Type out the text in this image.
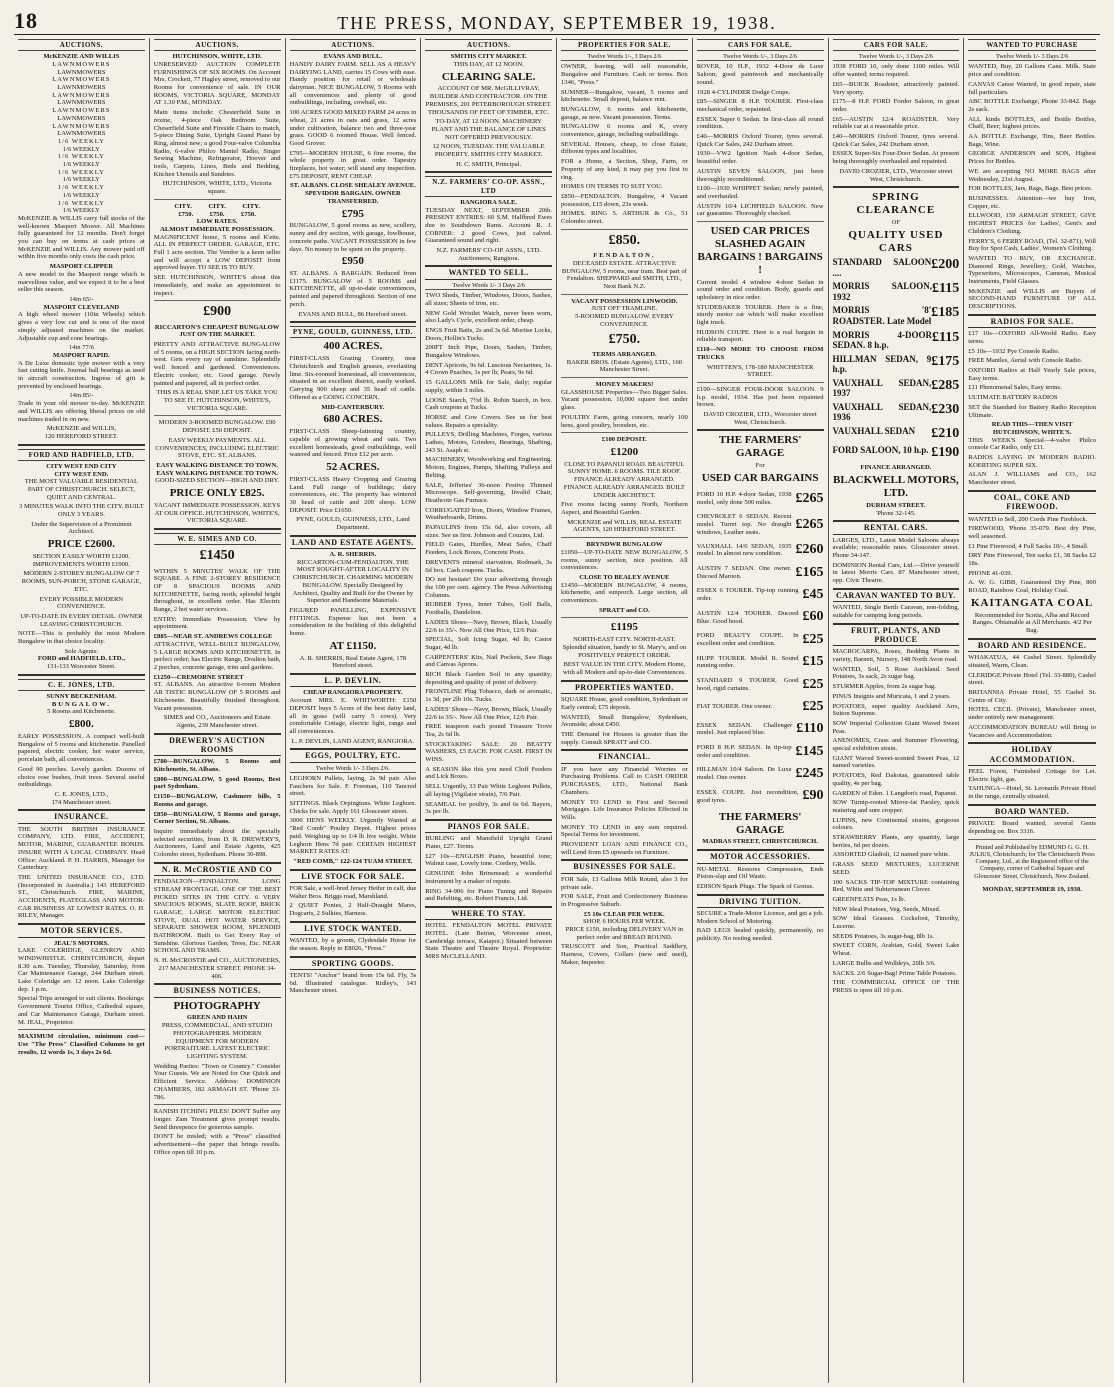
18	THE PRESS, MONDAY, SEPTEMBER 19, 1938.
AUCTIONS.
McKENZIE AND WILLIS
LAWNMOWERS
LAWNMOWERS
LAWNMOWERS
LAWNMOWERS
LAWNMOWERS
LAWNMOWERS
LAWNMOWERS
LAWNMOWERS
LAWNMOWERS
LAWNMOWERS
1/6 WEEKLY
1/6 WEEKLY
1/6 WEEKLY
1/6 WEEKLY
1/6 WEEKLY
1/6 WEEKLY
1/6 WEEKLY
1/6 WEEKLY
1/6 WEEKLY
1/6 WEEKLY

McKENZIE & WILLIS carry full stocks of the well-known Masport Mower. All Machines fully guaranteed for 12 months. Don't forget you can buy on terms at cash prices at McKENZIE and WILLIS. Any mower paid off within five months only costs the cash price.

MASPORT CLIPPER

A new model to the Masport range which is marvellous value, and we expect it to be a best seller this season.

14in 65/-
MASPORT CLEVELAND

A high wheel mower (10in Wheels) which gives a very low cut and is one of the most simply adjusted machines on the market. Adjustable cup and cone bearings.

14in 77/6
MASPORT RAPID.

A De Luxe domestic type mower with a very fast cutting knife. Journal ball bearings as used in aircraft construction. Ingress of grit is prevented by enclosed bearings.

14in 85/-

Trade in your old mower to-day. McKENZIE and WILLIS are offering liberal prices on old machines traded in on new.

McKENZIE and WILLIS,
120 HEREFORD STREET.
FORD AND HADFIELD, LTD.
CITY WEST END CITY
CITY WEST END.

THE MOST VALUABLE RESIDENTIAL PART OF CHRISTCHURCH. SELECT, QUIET AND CENTRAL.

3 MINUTES WALK INTO THE CITY. BUILT ONLY 3 YEARS.

Under the Supervision of a Prominent Architect.

PRICE £2600.

SECTION EASILY WORTH £1200. IMPROVEMENTS WORTH £1900.

MODERN 2-STOREY BUNGALOW OF 7 ROOMS, SUN-PORCH, STONE GARAGE, ETC.

EVERY POSSIBLE MODERN CONVENIENCE.

UP-TO-DATE IN EVERY DETAIL. OWNER LEAVING CHRISTCHURCH.

NOTE—This is probably the most Modern Bungalow in that choice locality.

Sole Agents:
FORD and HADFIELD, LTD.,
131-133 Worcester Street.
C. E. JONES, LTD.
SUNNY BECKENHAM.
BUNGALOW.
5 Rooms and Kitchenette.
£800.

EARLY POSSESSION. A compact well-built Bungalow of 5 rooms and kitchenette. Panelled papered, electric cooker, hot water service, porcelain bath, all conveniences.

Good 90 perches. Lovely garden. Dozens of choice rose bushes, fruit trees. Several useful outbuildings.

C. E. JONES, LTD.,
174 Manchester street.
INSURANCE.

THE SOUTH BRITISH INSURANCE COMPANY, LTD. FIRE, ACCIDENT, MOTOR, MARINE, GUARANTEE BONDS. INSURE WITH A LOCAL COMPANY. Head Office: Auckland. P. H. HARRIS, Manager for Canterbury.

THE UNITED INSURANCE CO., LTD. (Incorporated in Australia.) 143 HEREFORD ST., Christchurch. FIRE, MARINE, ACCIDENTS, PLATEGLASS AND MOTOR-CAR BUSINESS AT LOWEST RATES. O. H. RILEY, Manager.

MOTOR SERVICES.
JEAL'S MOTORS.

LAKE COLERIDGE, GLENROY AND WINDWHISTLE. CHRISTCHURCH, depart 8.30 a.m. Tuesday, Thursday, Saturday, from Car Maintenance Garage, 244 Durham street. Lake Coleridge arr. 12 noon. Lake Coleridge dep. 1 p.m.

Special Trips arranged to suit clients. Bookings: Government Tourist Office, Cathedral square, and Car Maintenance Garage, Durham street. M. JEAL, Proprietor.

MAXIMUM circulation, minimum cost—Use "The Press" Classified Columns to get results, 12 words 1s, 3 days 2s 6d.

AUCTIONS.
HUTCHINSON, WHITE, LTD.

UNRESERVED AUCTION COMPLETE FURNISHINGS OF SIX ROOMS. On Account Mrs. Crockett, 77 Hagley street, removed to our Rooms for convenience of sale. IN OUR ROOMS, VICTORIA SQUARE, MONDAY AT 1.30 P.M., MONDAY.

Main items include: Chesterfield Suite in rexine, 4-piece Oak Bedroom Suite, Cheserfield Suite and Fireside Chairs to match, 5-piece Dining Suite, Upright Grand Piano by Ring, almost new; a good Four-valve Columbia Radio, 6-valve Philco Mantel Radio, Singer Sewing Machine, Refrigerator, Hoover and tools, Carpets, Linos, Beds and Bedding, Kitchen Utensils and Sundries.

HUTCHINSON, WHITE, LTD., Victoria square.
CITY.          CITY.          CITY.
£750.          £750.          £750.
LOW RATES.
ALMOST IMMEDIATE POSSESSION.

MAGNIFICENT home, 5 rooms and K'ette. ALL IN PERFECT ORDER. GARAGE, ETC. Full 1 acre section. The Vendor is a keen seller and will accept a LOW DEPOSIT from approved buyer. TO SEE IS TO BUY.

SEE HUTCHINSON, WHITE'S about this immediately, and make an appointment to inspect.

£900

RICCARTON'S CHEAPEST BUNGALOW JUST ON THE MARKET.

PRETTY AND ATTRACTIVE BUNGALOW of 5 rooms, on a HIGH SECTION facing north-west. Gets every ray of sunshine. Splendidly well fenced and gardened. Conveniences. Electric cooker, etc. Good garage. Newly painted and papered, all in perfect order.

THIS IS A REAL SNIP. LET US TAKE YOU TO SEE IT. HUTCHINSON, WHITE'S, VICTORIA SQUARE.

MODERN 3-ROOMED BUNGALOW. £90 DEPOSIT. £50 DEPOSIT.

EASY WEEKLY PAYMENTS. ALL CONVENIENCES, INCLUDING ELECTRIC STOVE, ETC. ST. ALBANS.

EASY WALKING DISTANCE TO TOWN.
EASY WALKING DISTANCE TO TOWN.

GOOD-SIZED SECTION—HIGH AND DRY.

PRICE ONLY £825.

VACANT IMMEDIATE POSSESSION. KEYS AT OUR OFFICE. HUTCHINSON, WHITE'S, VICTORIA SQUARE.

W. E. SIMES AND CO.
£1450

WITHIN 5 MINUTES' WALK OF THE SQUARE. A FINE 2-STOREY RESIDENCE OF 8 SPACIOUS ROOMS AND KITCHENETTE, facing north, splendid bright throughout, in excellent order. Has Electric Range, 2 hot water services.

ENTRY: Immediate Possession. View by appointment.

£885—NEAR ST. ANDREWS COLLEGE

ATTRACTIVE, WELL-BUILT BUNGALOW, 5 LARGE ROOMS AND KITCHENETTE. In perfect order; has Electric Range, Doulton bath, 2 porches, concrete garage, trim and gardens.

£1250—CREMORNE STREET

ST. ALBANS. An attractive 6-room Modern AR TISTIC BUNGALOW OF 5 ROOMS and Kitchenette. Beautifully finished throughout. Vacant possession.

SIMES and CO., Auctioneers and Estate Agents, 239 Manchester street.
DREWERY'S AUCTION ROOMS

£780—BUNGALOW, 5 Rooms and Kitchenette, St. Albans.

£800—BUNGALOW, 5 good Rooms, Best part Sydenham.

£1150—BUNGALOW, Cashmere hills, 5 Rooms and garage.

£850—BUNGALOW, 5 Rooms and garage, Corner Section, St. Albans.

Inquire immediately about the specially selected securities, from D. R. DREWERY'S, Auctioneers, Land and Estate Agents, 425 Colombo street, Sydenham. Phone 30-898.

N. R. McCROSTIE AND CO

FENDALTON—FENDALTON. LONG STREAM FRONTAGE. ONE OF THE BEST PICKED SITES IN THE CITY. 6 VERY SPACIOUS ROOMS, SLATE ROOF, BRICK GARAGE, LARGE MOTOR ELECTRIC STOVE, DUAL HOT WATER SERVICE, SEPARATE SHOWER ROOM, SPLENDID BATHROOM. Built to Get Every Ray of Sunshine. Glorious Garden, Trees, Etc. NEAR SCHOOL AND TRAMS.

N. H. McCROSTIE and CO., AUCTIONEERS, 217 MANCHESTER STREET. PHONE 34-406.
BUSINESS NOTICES.
PHOTOGRAPHY
GREEN AND HAHN

PRESS, COMMERCIAL, AND STUDIO PHOTOGRAPHERS. MODERN EQUIPMENT FOR MODERN PORTRAITURE. LATEST ELECTRIC LIGHTING SYSTEM.

Wedding Parties: "Town or Country." Consider Your Guests. We are Noted for Our Quick and Efficient Service. Address: DOMINION CHAMBERS, 182 ARMAGH ST. 'Phone 33-786.

RANISH ITCHING PILES! DON'T Suffer any longer. Zam Treatment gives prompt results. Send threepence for generous sample.

DON'T be misled; with a "Press" classified advertisement—the paper that brings results. Office open till 10 p.m.

AUCTIONS.
EVANS AND BULL.

HANDY DAIRY FARM. SELL AS A HEAVY DAIRYING LAND, carries 15 Cows with ease. Handy position for retail or wholesale dairyman. NICE BUNGALOW, 5 Rooms with all conveniences and plenty of good outbuildings, including, cowbail, etc.

100 ACRES GOOD MIXED FARM 24 acres in wheat, 21 acres in oats and grass, 12 acres under cultivation, balance two and three-year grass. GOOD 6 roomed House. Well fenced. Good Grover.

£795—MODERN HOUSE, 6 fine rooms, the whole property in great order. Tapestry fireplaces, hot water; will stand any inspection. £75 DEPOSIT, RENT CHEAP.

ST. ALBANS. CLOSE SHEALEY AVENUE.
SPEVIDOR BARGAIN. OWNER TRANSFERRED.
£795

BUNGALOW, 5 good rooms as new, scullery, sunny and dry section, with garage, fowlhouse, concrete paths. VACANT POSSESSION in few days. No money to be spent on the property.

£950

ST. ALBANS. A BARGAIN. Reduced from £1175. BUNGALOW of 5 ROOMS and KITCHENETTE, all up-to-date conveniences, painted and papered throughout. Section of one perch.

EVANS AND BULL, 86 Hereford street.
PYNE, GOULD, GUINNESS, LTD.
400 ACRES.

FIRST-CLASS Grazing Country, near Christchurch and English grasses, everlasting lime. Six-roomed homestead, all conveniences, situated in an excellent district, easily worked. Carrying 900 sheep and 35 head of cattle. Offered as a GOING CONCERN.

MID-CANTERBURY.
680 ACRES.

FIRST-CLASS Sheep-fattening country, capable of growing wheat and oats. Two excellent homesteads, good outbuildings, well watered and fenced. Price £12 per acre.

52 ACRES.

FIRST-CLASS Heavy Cropping and Grazing Land. Full range of buildings; dairy conveniences, etc. The property has wintered 30 head of cattle and 200 sheep. LOW DEPOSIT. Price £1650.

PYNE, GOULD, GUINNESS, LTD., Land Department.
LAND AND ESTATE AGENTS.
A. R. SHERRIS.

RICCARTON-CUM-FENDALTON. THE MOST SOUGHT-AFTER LOCALITY IN CHRISTCHURCH. CHARMING MODERN BUNGALOW. Specially Designed by Architect, Quality and Built for the Owner by Superior and Handsome Materials.

FIGURED PANELLING, EXPENSIVE FITTINGS. Expense has not been a consideration in the building of this delightful home.

AT £1150.
A. R. SHERRIS, Real Estate Agent, 178 Hereford street.
L. P. DEVLIN.
CHEAP RANGIORA PROPERTY.

Account MRS. E. WHITWORTH: £150 DEPOSIT buys 5 Acres of the best dairy land, all in grass (will carry 5 cows). Very comfortable Cottage, electric light, range and all conveniences.

L. P. DEVLIN, LAND AGENT, RANGIORA.
EGGS, POULTRY, ETC.
Twelve Words 1/- 3 Days 2/6.

LEGHORN Pullets, laying, 2s 9d pair. Also Fauchers for Sale. F. Freeman, 110 Tancred street.

SITTINGS. Black Orpingtons. White Leghorn. Chicks for sale. Apply 161 Gloucester street.

3000 HENS WEEKLY. Urgently Wanted at "Red Comb" Poultry Depot. Highest prices paid. Weighing up to 1/4 lb live weight. White Leghorn Hens 7d pair. CERTAIN HIGHEST MARKET RATES AT:

"RED COMB," 122-124 TUAM STREET.
LIVE STOCK FOR SALE.

FOR Sale, a well-bred Jersey Heifer in calf, due Walter Bros. Briggs road, Marshland.

2 QUIET Ponies, 2 Half-Draught Mares, Dogcarts, 2 Sulkies, Harness.

LIVE STOCK WANTED.

WANTED, by a groom, Clydesdale Horse for the season. Reply to E8026, "Press."

SPORTING GOODS.

TENTS! "Anchor" brand from 15s 6d. Fly, 5s 6d. Illustrated catalogue. Ridley's, 143 Manchester street.

AUCTIONS.
SMITHS CITY MARKET.
THIS DAY, AT 12 NOON.
CLEARING SALE.

ACCOUNT OF MR. McGILLIVRAY, BUILDER AND CONTRACTOR. ON THE PREMISES, 201 PETERBOROUGH STREET. THOUSANDS OF FEET OF TIMBER, ETC.

TO-DAY, AT 12 NOON. MACHINERY PLANT AND THE BALANCE OF LINES NOT OFFERED PREVIOUSLY.

12 NOON, TUESDAY. THE VALUABLE PROPERTY. SMITHS CITY MARKET.

H. C. SMITH, Principal.
N.Z. FARMERS' CO-OP. ASSN., LTD
RANGIORA SALE.

TUESDAY NEXT, SEPTEMBER 20th. PRESENT ENTRIES: 60 S.M. Halfbred Ewes due to Southdown Rams. Account R. J. CORNER: 2 good Cows, just calved. Guaranteed sound and right.

N.Z. FARMERS' CO-OP. ASSN., LTD. Auctioneers, Rangiora.
WANTED TO SELL.
Twelve Words 1/- 3 Days 2/6

TWO Sheds, Timber, Windows, Doors, Sashes, all sizes; Sheets of iron, etc.

NEW Gold Wristlet Watch, never been worn, also Lady's Cycle, excellent order, cheap.

ENGS Fruit Baits, 2s and 3s 6d. Mortise Locks, Doors, Hollin's Tucks.

200FT Inch Pipe, Doors, Sashes, Timber, Bungalow Windows.

DENT Apricots, 9s 6d. Luscious Nectarines, 1s. 4 Crown Peaches, 1s per lb; Pears, 9s 6d.

15 GALLONS Milk for Sale, daily; regular supply, within 3 miles.

LOOSE Starch, 7½d lb. Robin Starch, in box. Cash coupons at Tucks.

HORSE and Cow Covers. See us for best values. Repairs a speciality.

PULLEYS, Drilling Machines, Forges, various Lathes, Motors, Grinders, Bearings, Shafting, 243 St. Asaph st.

MACHINERY, Woodworking and Engineering. Motors, Engines, Pumps, Shafting, Pulleys and Belting.

SALE, Jefferies' 36-noon Festive Thinned Microscope. Self-governing, Invalid Chair, Heathcote Gas Furnace.

CORRUGATED Iron, Doors, Window Frames, Weatherboards, Drums.

PAPAULINS from 15s 6d, also covers, all sizes. See us first. Johnson and Couzins, Ltd.

FIELD Gates, Hurdles, Meat Safes, Chaff Feeders, Lock Boxes, Concrete Posts.

DREVENTS mineral starvation. Rodmark, 3s 6d box. Cash coupons. Tucks.

DO not hesitate! Do your advertising through the 100 per cent. agency. The Press Advertising Columns.

RUBBER Tyres, Inner Tubes, Golf Balls, Footballs, Dandelion.

LADIES Shoes—Navy, Brown, Black, Usually 22/6 to 35/-. Now All One Price, 12/6 Pair.

SPECIAL, Soft Icing Sugar, 4d lb; Castor Sugar, 4d lb.

CARPENTERS' Kits, Nail Pockets, Saw Bags and Canvas Aprons.

RICH Black Garden Soil in any quantity; depositing and quality of point of delivery.

FRONTLINE Plug Tobacco, dark or aromatic, 1s 3d, per 2lb 10s. Tucks.

LADIES' Shoes—Navy, Brown, Black, Usually 22/6 to 35/-. Now All One Price, 12/6 Pair.

FREE teaspoon each pound Treasure Trove Tea, 2s 6d lb.

STOCKTAKING SALE: 20 BEATTY WASHERS, £5 EACH. FOR CASH. FIRST IN WINS.

A SEASON like this you need Cluff Feeders and Lick Boxes.

SELL Urgently, 33 Pair White Leghorn Pullets, all laying (Vigilator strain), 7/6 Pair.

SEAMEAL for poultry, 3s and 6s 6d. Bayers, 3s per lb.

PIANOS FOR SALE.

BURLING and Mansfield Upright Grand Piano, £27. Terms.

£27 10s—ENGLISH Piano, beautiful tone; Walnut case, Lovely tone. Cordery, Wells.

GENUINE John Brinsmead; a wonderful instrument by a maker of repute.

RING 34-906 for Piano Tuning and Repairs and Refelting, etc. Robert Francis, Ltd.

WHERE TO STAY.

HOTEL FENDALTON MOTEL PRIVATE HOTEL. (Late Beirun, Worcester street, Cambridge terrace, Kaiapoi.) Situated between State Theatre and Theatre Royal. Proprietor: MRS McCLELLAND.

PROPERTIES FOR SALE.
Twelve Words 1/-, 3 Days 2/6

OWNER, leaving, will sell reasonable, Bungalow and Furniture. Cash or terms. Box 1346, "Press."

SUMNER—Bungalow, vacant, 5 rooms and kitchenette. Small deposit, balance rent.

BUNGALOW, 6 rooms and kitchenette, garage, as new. Vacant possession. Terms.

BUNGALOW 6 rooms and K, every convenience, garage, including outbuildings.

SEVERAL Houses, cheap, to close Estate, different types and localities.

FOR a Home, a Section, Shop, Farm, or Property of any kind, it may pay you first to ring.

HOMES ON TERMS TO SUIT YOU.

£850—FENDALTON. Bungalow, 4 Vacant possession, £15 down, 23s week.

HOMES. RING 5. ARTHUR & Co., 51 Colombo street.

£850.
FENDALTON.

DECEASED ESTATE. ATTRACTIVE BUNGALOW, 5 rooms, near tram. Best part of Fendalton. SHEPPARD and SMITH, LTD., Next Bank N.Z.

VACANT POSSESSION LINWOOD.
JUST OFF TRAMLINE.

5-ROOMED BUNGALOW. EVERY CONVENIENCE.

£750.
TERMS ARRANGED.

BAKER BROS. (Estate Agents), LTD., 160 Manchester Street.

MONEY MAKERS!

GLASSHOUSE Properties—Two Bigger Sales. Vacant possession. 10,000 square feet under glass.

POULTRY Farm, going concern, nearly 100 hens, good poultry, brooders, etc.

£100 DEPOSIT.
£1200

CLOSE TO PAPANUI ROAD. BEAUTIFUL SUNNY HOME. 6 ROOMS. TILE ROOF. FINANCE ALREADY ARRANGED. FINANCE ALREADY ARRANGED. BUILT UNDER ARCHITECT.

Five rooms facing sunny North, Northern Aspect, and Beautiful Garden.

MCKENZIE and WILLIS, REAL ESTATE AGENTS, 120 HEREFORD STREET.

BRYNDWR BUNGALOW

£1050—UP-TO-DATE NEW BUNGALOW, 5 rooms, sunny section, nice position. All conveniences.

CLOSE TO BEALEY AVENUE

£1450—MODERN BUNGALOW, 4 rooms, kitchenette, and sunporch. Large section, all conveniences.

SPRATT and CO.
£1195

NORTH-EAST CITY. NORTH-EAST. Splendid situation, handy to St. Mary's, and on POSITIVELY PERFECT ORDER.

BEST VALUE IN THE CITY. Modern Home, with all Modern and up-to-date Conveniences.

PROPERTIES WANTED.

SQUARE House, good condition, Sydenham or Early central; £75 deposit.

WANTED, Small Bungalow, Sydenham, Avonside; about £450.

THE Demand for Houses is greater than the supply. Consult SPRATT and CO.

FINANCIAL.

IF you have any Financial Worries or Purchasing Problems. Call to CASH ORDER PURCHASES, LTD., National Bank Chambers.

MONEY TO LEND in First and Second Mortgages. Life Insurance Policies Effected in Wills.

MONEY TO LEND in any sum required. Special Terms for investment.

PROVIDENT LOAN AND FINANCE CO., will Lend from £5 upwards on Furniture.

BUSINESSES FOR SALE.

FOR Sale, 13 Gallons Milk Round, also 3 for private sale.

FOR SALE, Fruit and Confectionery Business in Progressive Suburb.

£5 10s CLEAR PER WEEK.
SHOP, 6 HOURS PER WEEK.

PRICE £150, including DELIVERY VAN in perfect order and BREAD ROUND.

TRUSCOTT and Son, Practical Saddlery, Harness, Covers, Collars (new and used), Maker, Importer.

CARS FOR SALE.
Twelve Words 1/-, 3 Days 2/6

ROVER, 10 H.P., 1932 4-Door de Luxe Saloon; good paintwork and mechanically sound.

1928 4-CYLINDER Dodge Coupe.

£85—SINGER 8 H.P. TOURER. First-class mechanical order, repainted.

ESSEX Super 6 Sedan. In first-class all round condition.

£40—MORRIS Oxford Tourer, tyres several. Quick Car Sales, 242 Durham street.

1930—VW2 Ignition Nash 4-door Sedan, beautiful order.

AUSTIN SEVEN SALOON, just been thoroughly reconditioned.

£100—1930 WHIPPET Sedan; newly painted, and overhauled.

AUSTIN 10/4 LICHFIELD SALOON. New car guarantee. Thoroughly checked.

USED CAR PRICES SLASHED AGAIN BARGAINS ! BARGAINS !

Current model 4 window 4-door Sedan in sound order and condition. Body, guards and upholstery in nice order.

STUDEBAKER TOURER. Here is a fine, sturdy motor car which will make excellent light truck.

HUDSON COUPE. Here is a real bargain in reliable transport.

£110—NO MORE TO CHOOSE FROM TRUCKS

WHITTEN'S, 178-180 MANCHESTER STREET.

£100—SINGER FOUR-DOOR SALOON. 9 h.p. model, 1934. Has just been repainted brown.

DAVID CROZIER, LTD., Worcester street West, Christchurch.
THE FARMERS' GARAGE
For
USED CAR BARGAINS
FORD 10 H.P. 4-door Sedan, 1938 model, only done 500 miles.	£265
CHEVROLET 6 SEDAN. Recent model. Turret top. No draught windows, Leather seats.
£265
VAUXHALL 14/6 SEDAN, 1935 model. In almost new condition. £260
AUSTIN 7 SEDAN. One owner. Ducoed Maroon.	£165
ESSEX 6 TOURER. Tip-top running order.	£45
AUSTIN 12/4 TOURER. Ducoed Blue. Good hood.	£60
FORD BEAUTY COUPE. In excellent order and condition.	£25
HUPP. TOURER. Model R. Sound running order.	£15
STANDARD 9 TOURER. Good hood, rigid curtains.	£25
FIAT TOURER. One owner.	£25
ESSEX SEDAN. Challenger model. Just replaced blue.	£110
FORD 8 H.P. SEDAN. In tip-top order and condition.	£145
HILLMAN 10/4 Saloon. De Luxe model. One owner.	£245
ESSEX COUPE. Just recondition, good tyres.	£90
THE FARMERS' GARAGE
MADRAS STREET, CHRISTCHURCH.
MOTOR ACCESSORIES.

NU-METAL Restores Compression, Ends Piston-slap and Oil Waste.

EDISON Spark Plugs. The Spark of Genius.

DRIVING TUITION.

SECURE a Trade-Motor Licence, and get a job. Modern School of Motoring.

BAD LEGS healed quickly, permanently, no publicity. No resting needed.

CARS FOR SALE.
Twelve Words 1/-, 3 Days 2/6

1938 FORD 10, only done 1100 miles. Will offer wanted; terms required.

£65—BUICK Roadster, attractively painted. Very sporty.

£175—8 H.P. FORD Fordor Saloon, in great order.

£65—AUSTIN 12/4 ROADSTER. Very reliable car at a reasonable price.

£40—MORRIS Oxford Tourer, tyres several. Quick Car Sales, 242 Durham street.

ESSEX Super-Six Four-Door Sedan. At present being thoroughly overhauled and repainted.

DAVID CROZIER, LTD., Worcester street West, Christchurch.
SPRING CLEARANCE
OF
QUALITY USED CARS
STANDARD SALOON ....
£200
MORRIS SALOON, 1932
£115
MORRIS '8' ROADSTER. Late Model
£185
MORRIS 4-DOOR SEDAN. 8 h.p.
£115
HILLMAN SEDAN, 9 h.p.
£175
VAUXHALL SEDAN, 1937
£285
VAUXHALL SEDAN, 1936
£230
VAUXHALL SEDAN £210
FORD SALOON, 10 h.p. £190
FINANCE ARRANGED.
BLACKWELL MOTORS, LTD.
DURHAM STREET.
'Phone 32-145.
RENTAL CARS.

LARGES, LTD., Latest Model Saloons always available; reasonable rates. Gloucester street. Phone 34-147.

DOMINION Rental Cars, Ltd.—Drive yourself in latest Morris Cars. 87 Manchester street, opp. Civic Theatre.

CARAVAN WANTED TO BUY.

WANTED, Single Berth Caravan, non-folding, suitable for camping long periods.

FRUIT, PLANTS, AND PRODUCE

MACROCARPA, Roses, Bedding Plants in variety, Barnett, Nursery, 148 North Avon road.

WANTED, Soil, 5 Rose Auckland. Seed Potatoes, 3s sack, 2s sugar bag.

STURMER Apples, from 2s sugar bag.

PINUS Insignis and Muricata, 1 and 2 years.

POTATOES, super quality Auckland Arrs, Sutton Supreme.

SOW Imperial Collection Giant Waved Sweet Peas.

ANENOMES, Crass and Summer Flowering, special exhibition strain.

GIANT Waved Sweet-scented Sweet Peas, 12 named varieties.

POTATOES, Red Dakotas, guaranteed table quality, 4s per bag.

GARDEN of Eden. 1 Langdon's road, Papanui.

SOW Turnip-rooted Mirror-fat Parsley, quick maturing and sure cropper.

LUPINS, new Continental strains, gorgeous colours.

STRAWBERRY Plants, any quantity, large berries, 6d per dozen.

ASSORTED Gladioli, 12 named pure white.

GRASS SEED MIXTURES, LUCERNE SEED.

100 SACKS TIP-TOP MIXTURE containing Red, White and Subterranean Clover.

GREENFEATS Peas, 1s lb.

NEW Ideal Potatoes, Veg. Seeds, Mixed.

SOW Ideal Grasses. Cocksfoot, Timothy, Lucerne.

SEEDS Potatoes, 3s sugar-bag, 8lb 1s.

SWEET CORN, Arabian, Gold, Sweet Lake Wheat.

LARGE Bulbs and Wolldeys, 20lb 3/6.

SACKS. 2/6 Sugar-Bag! Prime Table Potatoes.

THE COMMERCIAL OFFICE OF THE PRESS is open till 10 p.m.

WANTED TO PURCHASE
Twelve Words 1/- 3 Days 2/6

WANTED, Buy, 20 Gallons Cans. Milk. State price and condition.

CANVAS Canoe Wanted, in good repair, state full particulars.

ABC BOTTLE Exchange, Phone 33-842. Bags 2s sack.

ALL kinds BOTTLES, and Bottle Bottles, Chaff, Beer; highest prices.

AA BOTTLE Exchange, Tins, Beer Bottles. Bags, Wine.

GEORGE ANDERSON and SON, Highest Prices for Bottles.

WE are accepting NO MORE BAGS after Wednesday, 21st August.

FOR BOTTLES, Jars, Rags, Bags. Best prices.

BUSINESSES. Attention—we buy Iron, Copper, etc.

ELLWOOD, 159 ARMAGH STREET, GIVE HIGHEST PRICES for Ladies', Gent's and Children's Clothing.

FERRY'S, 6 FERRY ROAD, (Tel. 32-871), Will Buy for Spot Cash, Ladies', Women's Clothing.

WANTED TO BUY, OR EXCHANGE. Diamond Rings, Jewellery, Gold, Watches, Typewriters, Microscopes, Cameras, Musical Instruments, Field Glasses.

McKENZIE and WILLIS are Buyers of SECOND-HAND FURNITURE OF ALL DESCRIPTIONS.

RADIOS FOR SALE.

£17 10s—OXFORD All-World Radio. Easy terms.

£5 10s—1932 Pye Console Radio.

FREE Mantles, Aerial with Console Radio.

OXFORD Radios at Half Yearly Sale prices, Easy terms.

£11 Phenomenal Sales, Easy terms.

ULTIMATE BATTERY RADIOS

SET the Standard for Battery Radio Reception Ultimate.

READ THIS—THEN VISIT HUTCHINSON, WHITE'S.

THIS WEEK'S Special—4-valve Philco console Car Radio, only £11.

RADIOS LAYING IN MODERN RADIO. KOERTING SUPER SIX.

ALAN J. WILLIAMS and CO., 162 Manchester street.

COAL, COKE AND FIREWOOD.

WANTED to Sell, 200 Cords Pine Fireblock.

FIREWOOD, 'Phone 35-079. Best dry Pine, well seasoned.

£1 Pine Firewood, 4 Full Sacks 10/-, 4 Small.

DRY Pine Firewood, Ten sacks £1, 38 Sacks £2 18s.

PHONE 41-039.

A. W. G. GIBB, Guaranteed Dry Pine, 800 ROAD, Rainbow Coal, Holiday Coal.

KAITANGATA COAL

Recommended for Scotia, Alba and Record Ranges. Obtainable at All Merchants. 4/2 Per Bag.

BOARD AND RESIDENCE.

WHAKATUA, 44 Cashel Street. Splendidly situated, Warm, Clean.

CLERIDGE Private Hotel (Tel. 33-880), Cashel street.

BRITANNIA Private Hotel, 55 Cashel St. Centre of City.

HOTEL CECIL (Private), Manchester street, under entirely new management.

ACCOMMODATION BUREAU will Bring to Vacancies and Accommodation.

HOLIDAY ACCOMMODATION.

PEEL Forest, Furnished Cottage for Let. Electric light, gas.

TAHUNGA—Hotel, St. Leonards Private Hotel in the range, centrally situated.

BOARD WANTED.

PRIVATE Board wanted, several Gents depending on. Box 3316.

Printed and Published by EDMUND G. G. H. JULIUS, Christchurch; for The Christchurch Press Company, Ltd., at the Registered office of the Company, corner of Cathedral Square and Gloucester Street, Christchurch, New Zealand.

MONDAY, SEPTEMBER 19, 1938.
